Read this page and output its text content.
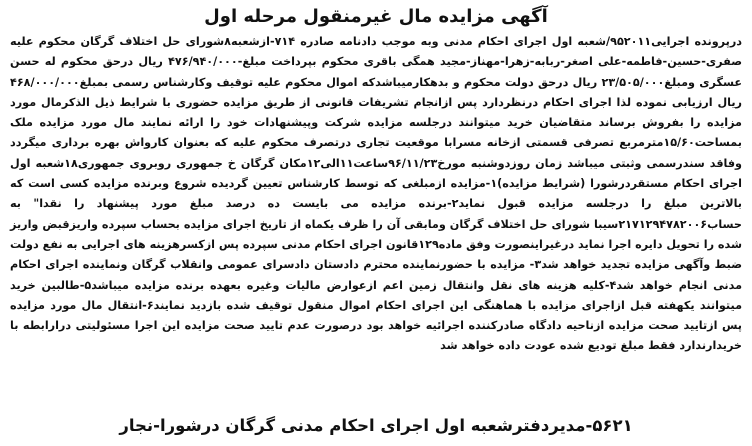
آگهی مزایده مال غیرمنقول مرحله اول

درپرونده اجرایی۹۵۲۰۱۱/شعبه اول اجرای احکام مدنی وبه موجب دادنامه صادره ۷۱۴-ازشعبه۸شورای حل اختلاف گرگان محکوم علیه صفری-حسین-فاطمه-علی اصغر-ربابه-زهرا-مهناز-مجید همگی باقری محکوم بپرداخت مبلغ-۴۷۶/۹۴۰/۰۰۰ ریال درحق محکوم له حسن عسگری ومبلغ۲۳/۵۰۵/۰۰۰ ریال درحق دولت محکوم و بدهکارمیباشدکه اموال محکوم علیه توقیف وکارشناس رسمی بمبلغ۴۶۸/۰۰۰/۰۰۰ ریال ارزیابی نموده لذا اجرای احکام درنظردارد پس ازانجام تشریفات قانونی از طریق مزایده حضوری با شرایط ذیل الذکرمال مورد مزایده را بفروش برساند متقاضیان خرید میتوانند درجلسه مزایده شرکت وپیشنهادات خود را ارائه نمایند مال مورد مزایده ملک بمساحت۱۵/۶۰مترمربع تصرفی قسمتی ازخانه مسرابا موقعیت تجاری درتصرف محکوم علیه که بعنوان کارواش بهره برداری میگردد وفاقد سندرسمی وثبتی میباشد زمان روزدوشنبه مورخ۹۶/۱۱/۲۳ساعت۱۱الی۱۲مکان گرگان خ جمهوری روبروی جمهوری۱۸شعبه اول اجرای احکام مستقردرشورا (شرایط مزایده)۱-مزایده ازمبلغی که توسط کارشناس تعیین گردیده شروع وبرنده مزایده کسی است که بالاترین مبلغ را درجلسه مزایده قبول نماید۲-برنده مزایده می بایست ده درصد مبلغ مورد پیشنهاد را نقدا" به حساب۲۱۷۱۲۹۴۷۸۲۰۰۶سیبا شورای حل اختلاف گرگان ومابقی آن را ظرف یکماه از تاریخ اجرای مزایده بحساب سپرده واریزقبض واریز شده را تحویل دایره اجرا نماید درغیراینصورت وفق ماده۱۲۹قانون اجرای احکام مدنی سپرده پس ازکسرهزینه های اجرایی به نفع دولت ضبط وآگهی مزایده تجدید خواهد شد۳- مزایده با حضورنماینده محترم دادستان دادسرای عمومی وانقلاب گرگان ونماینده اجرای احکام مدنی انجام خواهد شد۴-کلیه هزینه های نقل وانتقال زمین اعم ازعوارض مالیات وغیره بعهده برنده مزایده میباشد۵-طالبین خرید میتوانند یکهفته قبل ازاجرای مزایده با هماهنگی این اجرای احکام اموال منقول توقیف شده بازدید نمایند۶-انتقال مال مورد مزایده پس ازتایید صحت مزایده ازناحیه دادگاه صادرکننده اجرائیه خواهد بود درصورت عدم تایید صحت مزایده این اجرا مسئولیتی درارابطه با خریدارندارد فقط مبلغ تودیع شده عودت داده خواهد شد

۵۶۲۱-مدیردفترشعبه اول اجرای احکام مدنی گرگان درشورا-نجار
